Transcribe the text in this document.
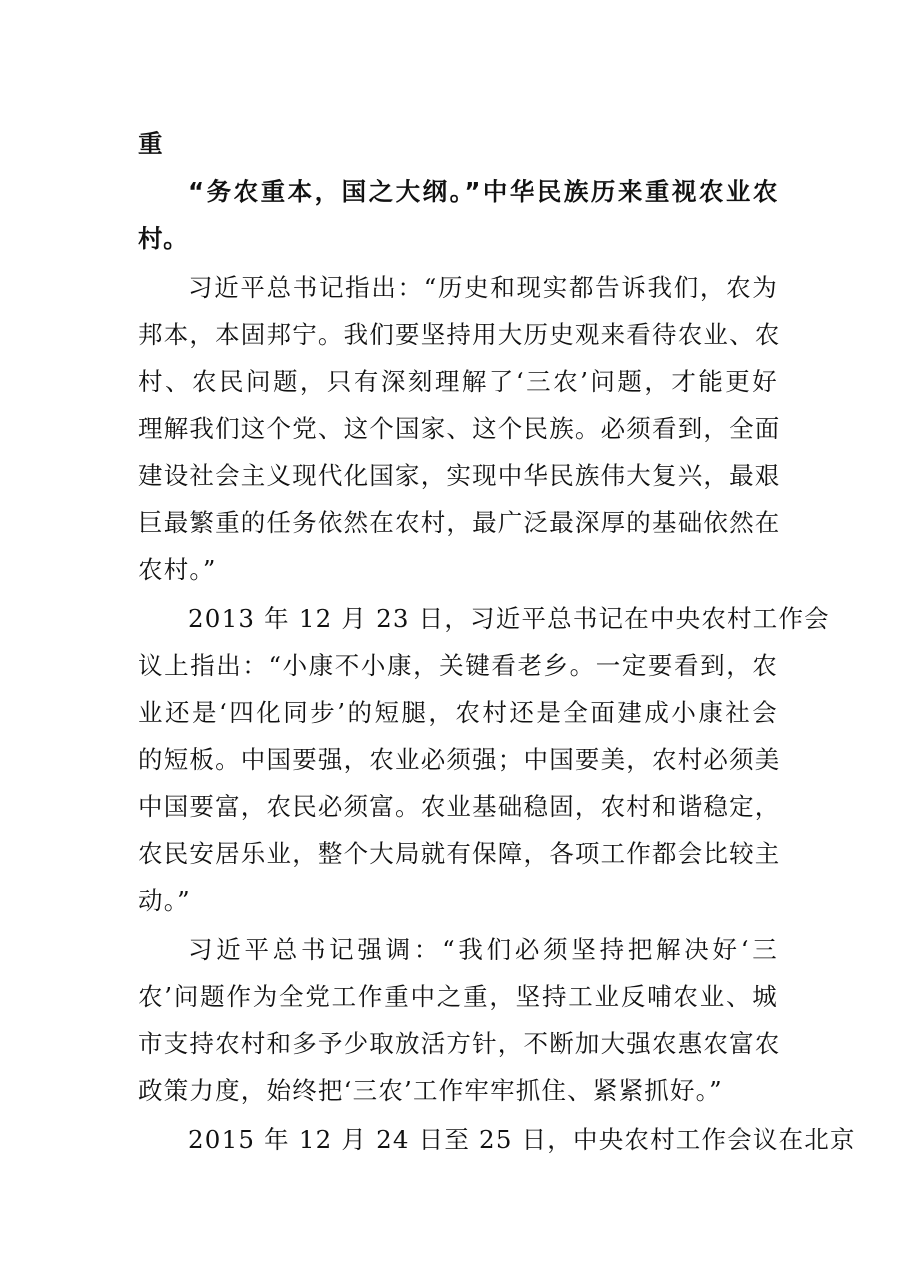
重
“务农重本，国之大纲。”中华民族历来重视农业农
村。
习近平总书记指出：“历史和现实都告诉我们，农为
邦本，本固邦宁。我们要坚持用大历史观来看待农业、农
村、农民问题，只有深刻理解了‘三农’问题，才能更好
理解我们这个党、这个国家、这个民族。必须看到，全面
建设社会主义现代化国家，实现中华民族伟大复兴，最艰
巨最繁重的任务依然在农村，最广泛最深厚的基础依然在
农村。”
2013 年 12 月 23 日，习近平总书记在中央农村工作会
议上指出：“小康不小康，关键看老乡。一定要看到，农
业还是‘四化同步’的短腿，农村还是全面建成小康社会
的短板。中国要强，农业必须强；中国要美，农村必须美
中国要富，农民必须富。农业基础稳固，农村和谐稳定，
农民安居乐业，整个大局就有保障，各项工作都会比较主
动。”
习近平总书记强调：“我们必须坚持把解决好‘三
农’问题作为全党工作重中之重，坚持工业反哺农业、城
市支持农村和多予少取放活方针，不断加大强农惠农富农
政策力度，始终把‘三农’工作牢牢抓住、紧紧抓好。”
2015 年 12 月 24 日至 25 日，中央农村工作会议在北京
